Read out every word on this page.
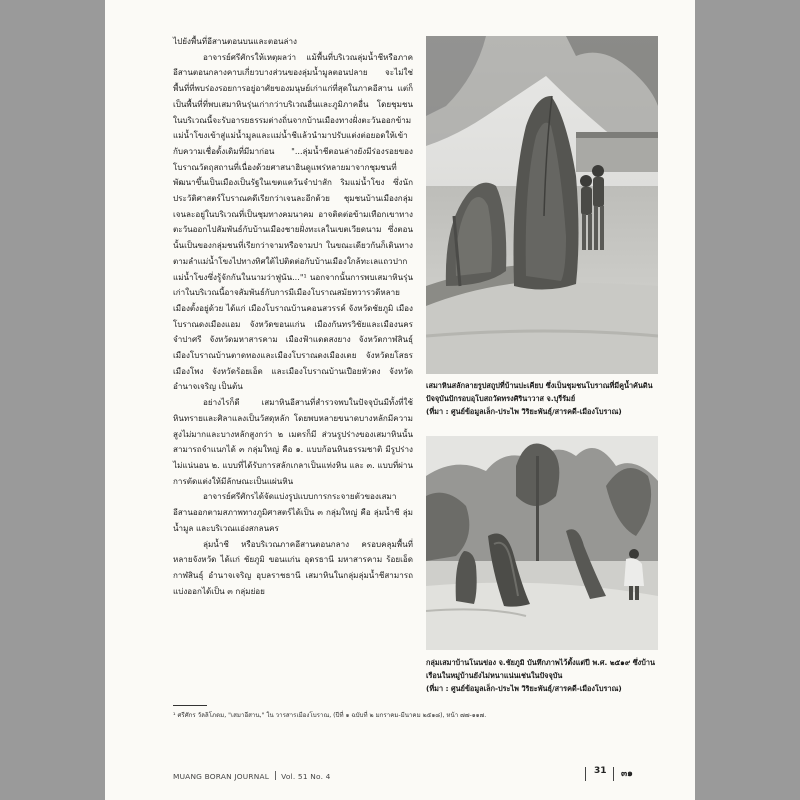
ไปยังพื้นที่อีสานตอนบนและตอนล่าง

อาจารย์ศรีศักรให้เหตุผลว่า แม้พื้นที่บริเวณลุ่มน้ำชีหรือภาคอีสานตอนกลางคาบเกี่ยวบางส่วนของลุ่มน้ำมูลตอนปลาย จะไม่ใช่พื้นที่ที่พบร่องรอยการอยู่อาศัยของมนุษย์เก่าแก่ที่สุดในภาคอีสาน แต่ก็เป็นพื้นที่ที่พบเสมาหินรุ่นเก่ากว่าบริเวณอื่นและภูมิภาคอื่น โดยชุมชนในบริเวณนี้จะรับอารยธรรมต่างถิ่นจากบ้านเมืองทางฝั่งตะวันออกข้ามแม่น้ำโขงเข้าสู่แม่น้ำมูลและแม่น้ำชีแล้วนำมาปรับแต่งต่อยอดให้เข้ากับความเชื่อดั้งเดิมที่มีมาก่อน "...ลุ่มน้ำชีตอนล่างยังมีร่องรอยของโบราณวัตถุสถานที่เนื่องด้วยศาสนาฮินดูแพร่หลายมาจากชุมชนที่พัฒนาขึ้นเป็นเมืองเป็นรัฐในเขตแคว้นจำปาสัก ริมแม่น้ำโขง ซึ่งนักประวัติศาสตร์โบราณคดีเรียกว่าเจนละอีกด้วย ชุมชนบ้านเมืองกลุ่มเจนละอยู่ในบริเวณที่เป็นชุมทางคมนาคม อาจติดต่อข้ามเทือกเขาทางตะวันออกไปสัมพันธ์กับบ้านเมืองชายฝั่งทะเลในเขตเวียดนาม ซึ่งตอนนั้นเป็นของกลุ่มชนที่เรียกว่าจามหรือจามปา ในขณะเดียวกันก็เดินทางตามลำแม่น้ำโขงไปทางทิศใต้ไปติดต่อกับบ้านเมืองใกล้ทะเลแถวปากแม่น้ำโขงซึ่งรู้จักกันในนามว่าฟูนัน..."¹ นอกจากนั้นการพบเสมาหินรุ่นเก่าในบริเวณนี้อาจสัมพันธ์กับการมีเมืองโบราณสมัยทวารวดีหลายเมืองตั้งอยู่ด้วย ได้แก่ เมืองโบราณบ้านคอนสวรรค์ จังหวัดชัยภูมิ เมืองโบราณดงเมืองแอม จังหวัดขอนแก่น เมืองกันทรวิชัยและเมืองนครจำปาศรี จังหวัดมหาสารคาม เมืองฟ้าแดดสงยาง จังหวัดกาฬสินธุ์ เมืองโบราณบ้านตาดทองและเมืองโบราณดงเมืองเตย จังหวัดยโสธร เมืองโพง จังหวัดร้อยเอ็ด และเมืองโบราณบ้านเปือยหัวดง จังหวัดอำนาจเจริญ เป็นต้น

อย่างไรก็ดี เสมาหินอีสานที่สำรวจพบในปัจจุบันมีทั้งที่ใช้หินทรายและศิลาแลงเป็นวัสดุหลัก โดยพบหลายขนาดบางหลักมีความสูงไม่มากและบางหลักสูงกว่า ๒ เมตรก็มี ส่วนรูปร่างของเสมาหินนั้นสามารถจำแนกได้ ๓ กลุ่มใหญ่ คือ ๑. แบบก้อนหินธรรมชาติ มีรูปร่างไม่แน่นอน ๒. แบบที่ได้รับการสลักเกลาเป็นแท่งหิน และ ๓. แบบที่ผ่านการตัดแต่งให้มีลักษณะเป็นแผ่นหิน

อาจารย์ศรีศักรได้จัดแบ่งรูปแบบการกระจายตัวของเสมาอีสานออกตามสภาพทางภูมิศาสตร์ได้เป็น ๓ กลุ่มใหญ่ คือ ลุ่มน้ำชี ลุ่มน้ำมูล และบริเวณแอ่งสกลนคร

ลุ่มน้ำชี หรือบริเวณภาคอีสานตอนกลาง ครอบคลุมพื้นที่หลายจังหวัด ได้แก่ ชัยภูมิ ขอนแก่น อุดรธานี มหาสารคาม ร้อยเอ็ด กาฬสินธุ์ อำนาจเจริญ อุบลราชธานี เสมาหินในกลุ่มลุ่มน้ำชีสามารถแบ่งออกได้เป็น ๓ กลุ่มย่อย

เสมาหินสลักลายรูปสถูปที่บ้านปะเคียบ ซึ่งเป็นชุมชนโบราณที่มีคูน้ำคันดิน ปัจจุบันปักรอบอุโบสถวัดทรงศิรินาวาส จ.บุรีรัมย์
(ที่มา : ศูนย์ข้อมูลเล็ก-ประไพ วิริยะพันธุ์/สารคดี-เมืองโบราณ)
กลุ่มเสมาบ้านโนนข่อง จ.ชัยภูมิ บันทึกภาพไว้ตั้งแต่ปี พ.ศ. ๒๕๑๙ ซึ่งบ้านเรือนในหมู่บ้านยังไม่หนาแน่นเช่นในปัจจุบัน
(ที่มา : ศูนย์ข้อมูลเล็ก-ประไพ วิริยะพันธุ์/สารคดี-เมืองโบราณ)
¹ ศรีศักร วัลลิโภดม, "เสมาอีสาน," ใน วารสารเมืองโบราณ, (ปีที่ ๑ ฉบับที่ ๒ มกราคม-มีนาคม ๒๕๑๘), หน้า ๗๗-๑๑๗.
MUANG BORAN JOURNAL Vol. 51 No. 4
31 ๓๑
